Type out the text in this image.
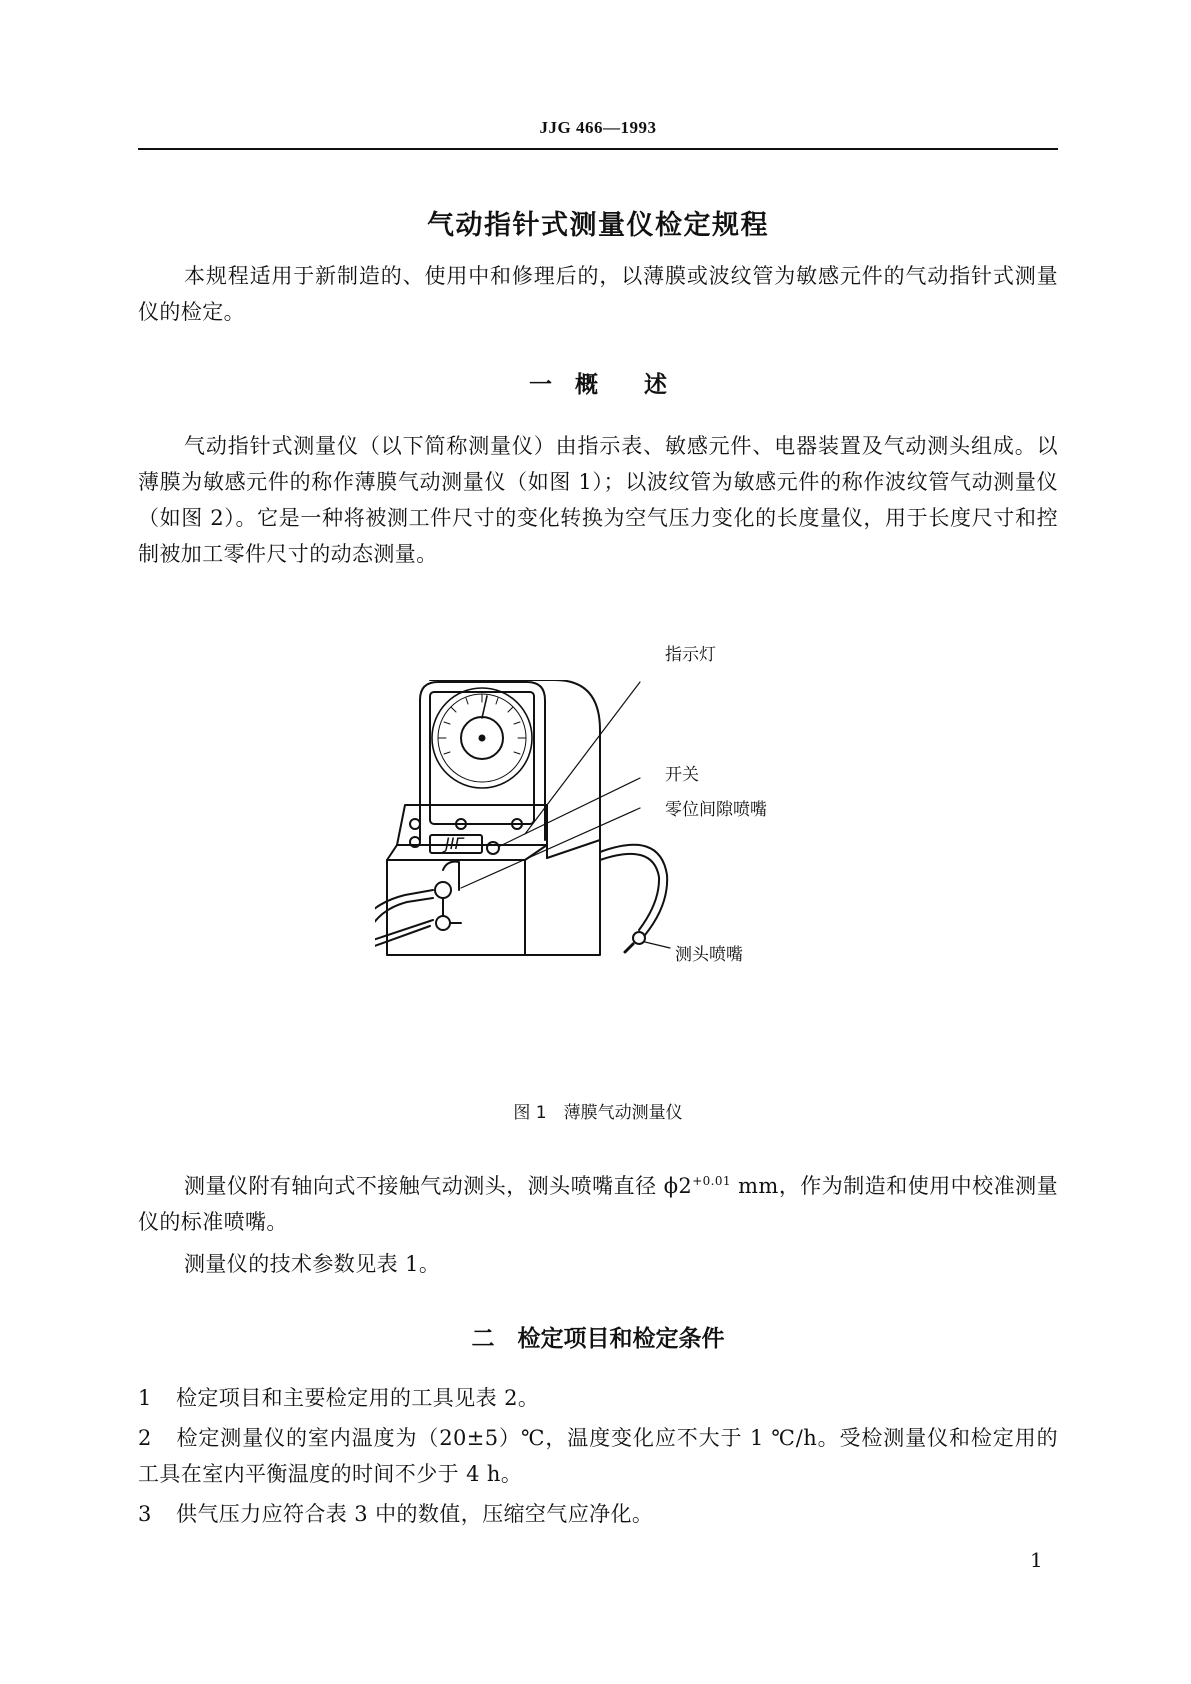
JJG 466—1993
气动指针式测量仪检定规程

本规程适用于新制造的、使用中和修理后的，以薄膜或波纹管为敏感元件的气动指针式测量仪的检定。

一　概　　述

气动指针式测量仪（以下简称测量仪）由指示表、敏感元件、电器装置及气动测头组成。以薄膜为敏感元件的称作薄膜气动测量仪（如图 1）；以波纹管为敏感元件的称作波纹管气动测量仪（如图 2）。它是一种将被测工件尺寸的变化转换为空气压力变化的长度量仪，用于长度尺寸和控制被加工零件尺寸的动态测量。

指示灯
开关
零位间隙喷嘴
测头喷嘴
JIΓ
图 1　薄膜气动测量仪

测量仪附有轴向式不接触气动测头，测头喷嘴直径 $\phi 2^{+0.01}$ mm，作为制造和使用中校准测量仪的标准喷嘴。

测量仪的技术参数见表 1。

二　检定项目和检定条件

1 检定项目和主要检定用的工具见表 2。

2 检定测量仪的室内温度为（20±5）℃，温度变化应不大于 1 ℃/h。受检测量仪和检定用的工具在室内平衡温度的时间不少于 4 h。

3 供气压力应符合表 3 中的数值，压缩空气应净化。

1
